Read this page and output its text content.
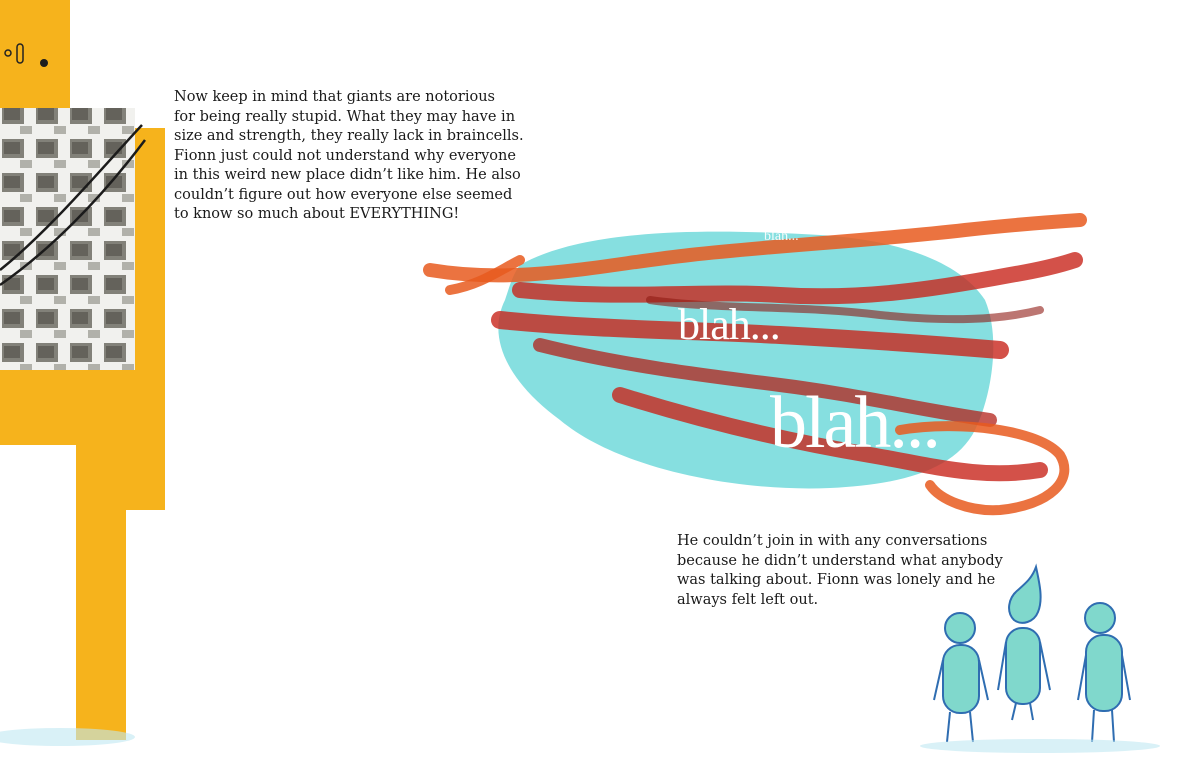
Now keep in mind that giants are notorious
for being really stupid. What they may have in
size and strength, they really lack in braincells.
Fionn just could not understand why everyone
in this weird new place didn’t like him. He also
couldn’t figure out how everyone else seemed
to know so much about EVERYTHING!

blah...

blah...

blah...

He couldn’t join in with any conversations
because he didn’t understand what anybody
was talking about. Fionn was lonely and he
always felt left out.
